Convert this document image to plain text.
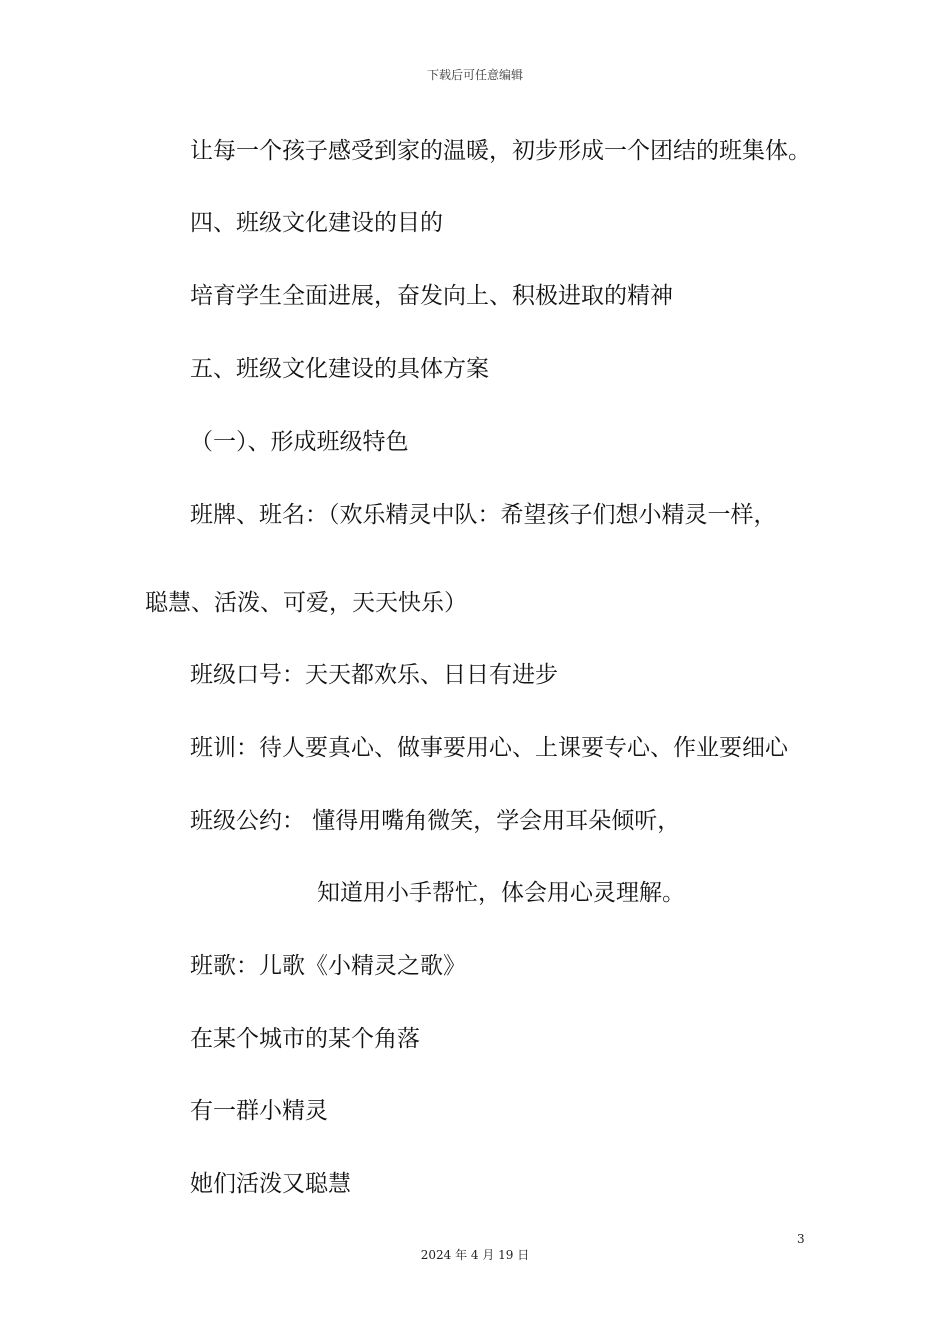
下载后可任意编辑
让每一个孩子感受到家的温暖，初步形成一个团结的班集体。
四、班级文化建设的目的
培育学生全面进展，奋发向上、积极进取的精神
五、班级文化建设的具体方案
（一）、形成班级特色
班牌、班名：（欢乐精灵中队：希望孩子们想小精灵一样，
聪慧、活泼、可爱，天天快乐）
班级口号：天天都欢乐、日日有进步
班训：待人要真心、做事要用心、上课要专心、作业要细心
班级公约： 懂得用嘴角微笑，学会用耳朵倾听，
知道用小手帮忙，体会用心灵理解。
班歌：儿歌《小精灵之歌》
在某个城市的某个角落
有一群小精灵
她们活泼又聪慧
3
2024 年 4 月 19 日
